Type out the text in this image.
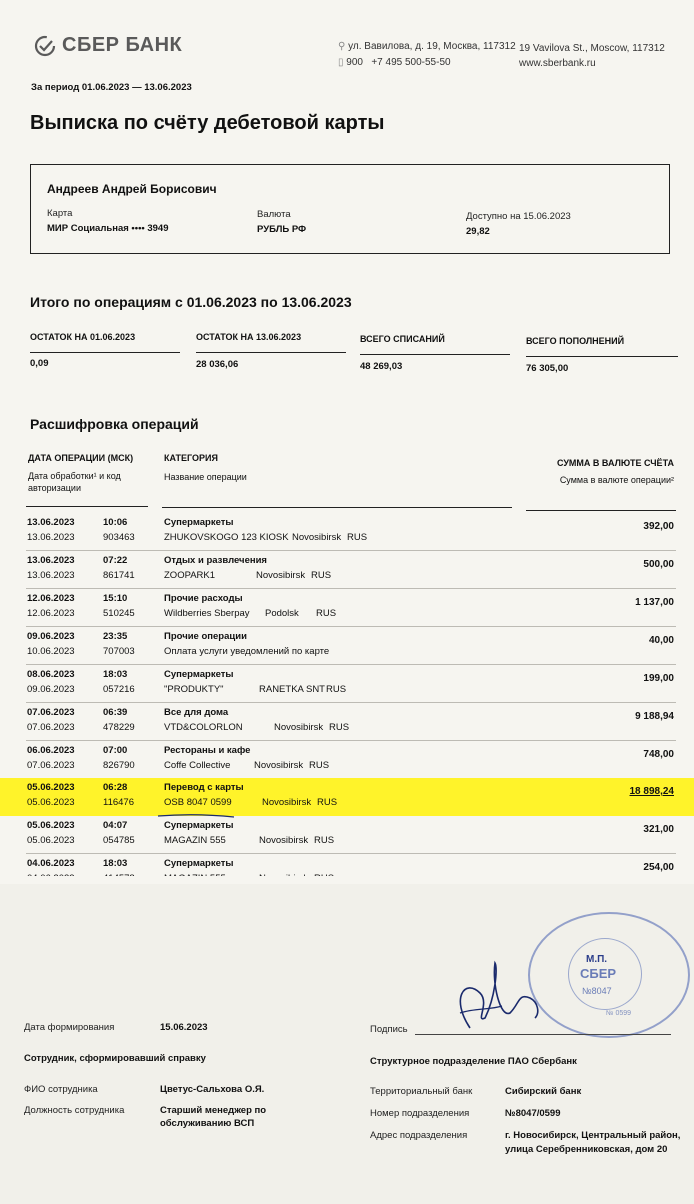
СБЕР БАНК	⚲ ул. Вавилова, д. 19, Москва, 117312 19 Vavilova St., Moscow, 117312
▯ 900 +7 495 500-55-50	www.sberbank.ru
За период 01.06.2023 — 13.06.2023
Выписка по счёту дебетовой карты
Андреев Андрей Борисович
Карта
МИР Социальная •••• 3949
Валюта
РУБЛЬ РФ
Доступно на 15.06.2023
29,82
Итого по операциям с 01.06.2023 по 13.06.2023
ОСТАТОК НА 01.06.2023	ОСТАТОК НА 13.06.2023	ВСЕГО СПИСАНИЙ	ВСЕГО ПОПОЛНЕНИЙ
0,09	28 036,06	48 269,03	76 305,00
Расшифровка операций
ДАТА ОПЕРАЦИИ (МСК)
Дата обработки¹ и код авторизации
КАТЕГОРИЯ
Название операции
СУММА В ВАЛЮТЕ СЧЁТА
Сумма в валюте операции²
13.06.2023	10:06	Супермаркеты
13.06.2023	903463	ZHUKOVSKOGO 123 KIOSK Novosibirsk RUS
392,00
13.06.2023	07:22	Отдых и развлечения
13.06.2023	861741	ZOOPARK1	Novosibirsk RUS
500,00
12.06.2023	15:10	Прочие расходы
12.06.2023	510245	Wildberries Sberpay Podolsk RUS
1 137,00
09.06.2023	23:35	Прочие операции
10.06.2023	707003	Оплата услуги уведомлений по карте
40,00
08.06.2023	18:03	Супермаркеты
09.06.2023	057216	"PRODUKTY"	RANETKA SNT RUS
199,00
07.06.2023	06:39	Все для дома
07.06.2023	478229	VTD&COLORLON	Novosibirsk RUS
9 188,94
06.06.2023	07:00	Рестораны и кафе
07.06.2023	826790	Coffe Collective Novosibirsk RUS
748,00
05.06.2023	06:28	Перевод с карты
05.06.2023	116476	OSB 8047 0599	Novosibirsk RUS
18 898,24
05.06.2023	04:07	Супермаркеты
05.06.2023	054785	MAGAZIN 555	Novosibirsk RUS
321,00
04.06.2023	18:03	Супермаркеты	254,00
М.П.
СБЕР
№8047
№ 0599
Дата формирования	15.06.2023
Сотрудник, сформировавший справку
ФИО сотрудника	Цветус-Сальхова О.Я.
Должность сотрудника	Старший менеджер по
обслуживанию ВСП
Подпись
Структурное подразделение ПАО Сбербанк
Территориальный банк	Сибирский банк
Номер подразделения	№8047/0599
Адрес подразделения	г. Новосибирск, Центральный район,
улица Серебренниковская, дом 20
